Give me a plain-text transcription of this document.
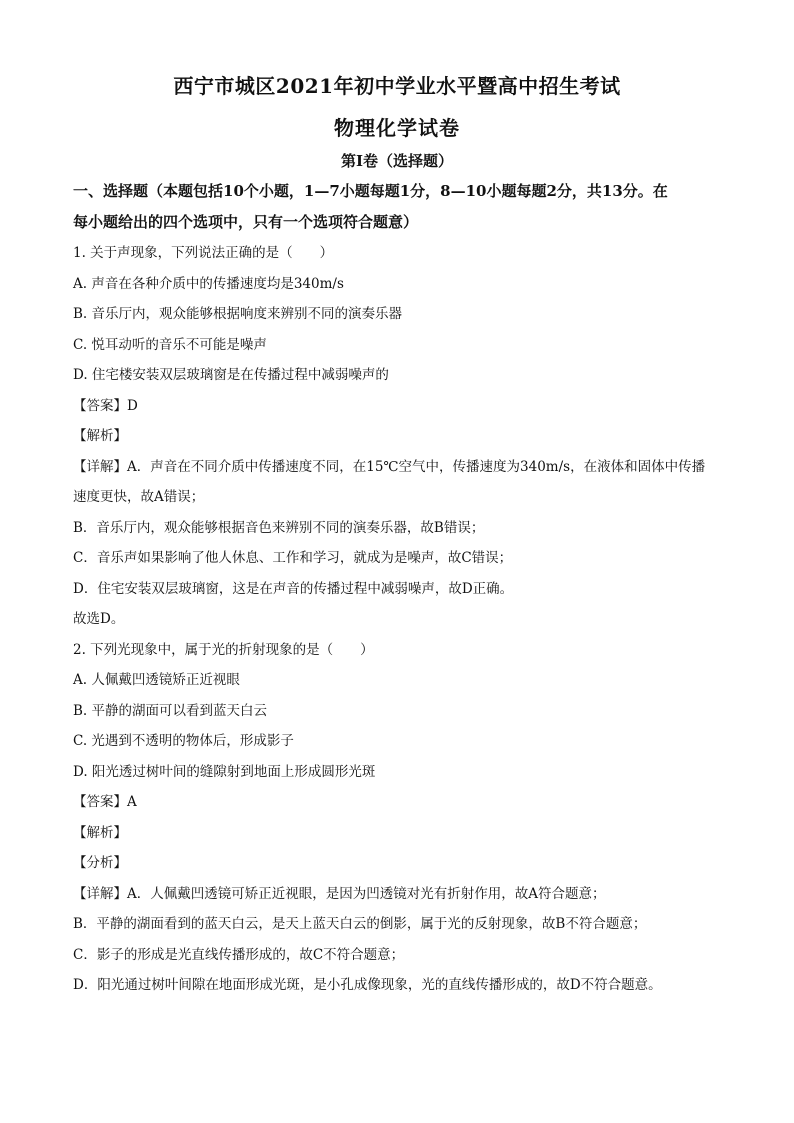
西宁市城区2021年初中学业水平暨高中招生考试
物理化学试卷
第Ⅰ卷（选择题）
一、选择题（本题包括10个小题，1—7小题每题1分，8—10小题每题2分，共13分。在
每小题给出的四个选项中，只有一个选项符合题意）
1. 关于声现象，下列说法正确的是（　　）
A. 声音在各种介质中的传播速度均是340m/s
B. 音乐厅内，观众能够根据响度来辨别不同的演奏乐器
C. 悦耳动听的音乐不可能是噪声
D. 住宅楼安装双层玻璃窗是在传播过程中减弱噪声的
【答案】D
【解析】
【详解】A．声音在不同介质中传播速度不同，在15℃空气中，传播速度为340m/s，在液体和固体中传播
速度更快，故A错误；
B．音乐厅内，观众能够根据音色来辨别不同的演奏乐器，故B错误；
C．音乐声如果影响了他人休息、工作和学习，就成为是噪声，故C错误；
D．住宅安装双层玻璃窗，这是在声音的传播过程中减弱噪声，故D正确。
故选D。
2. 下列光现象中，属于光的折射现象的是（　　）
A. 人佩戴凹透镜矫正近视眼
B. 平静的湖面可以看到蓝天白云
C. 光遇到不透明的物体后，形成影子
D. 阳光透过树叶间的缝隙射到地面上形成圆形光斑
【答案】A
【解析】
【分析】
【详解】A．人佩戴凹透镜可矫正近视眼，是因为凹透镜对光有折射作用，故A符合题意；
B．平静的湖面看到的蓝天白云，是天上蓝天白云的倒影，属于光的反射现象，故B不符合题意；
C．影子的形成是光直线传播形成的，故C不符合题意；
D．阳光通过树叶间隙在地面形成光斑，是小孔成像现象，光的直线传播形成的，故D不符合题意。
